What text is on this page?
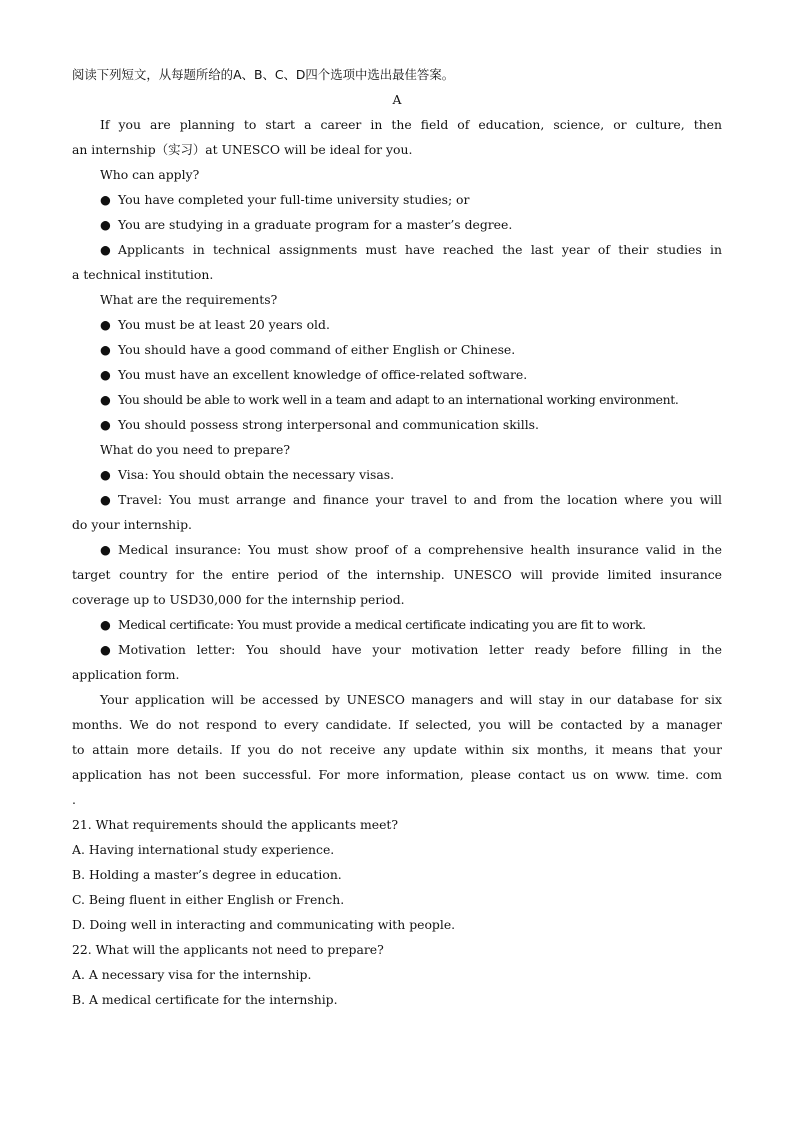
阅读下列短文，从每题所给的A、B、C、D四个选项中选出最佳答案。
A
If you are planning to start a career in the field of education, science, or culture, then
an internship（实习）at UNESCO will be ideal for you.
Who can apply?
● You have completed your full-time university studies; or
● You are studying in a graduate program for a master’s degree.
● Applicants in technical assignments must have reached the last year of their studies in
a technical institution.
What are the requirements?
● You must be at least 20 years old.
● You should have a good command of either English or Chinese.
● You must have an excellent knowledge of office-related software.
● You should be able to work well in a team and adapt to an international working environment.
● You should possess strong interpersonal and communication skills.
What do you need to prepare?
● Visa: You should obtain the necessary visas.
● Travel: You must arrange and finance your travel to and from the location where you will
do your internship.
● Medical insurance: You must show proof of a comprehensive health insurance valid in the
target country for the entire period of the internship. UNESCO will provide limited insurance
coverage up to USD30,000 for the internship period.
● Medical certificate: You must provide a medical certificate indicating you are fit to work.
● Motivation letter: You should have your motivation letter ready before filling in the
application form.
Your application will be accessed by UNESCO managers and will stay in our database for six
months. We do not respond to every candidate. If selected, you will be contacted by a manager
to attain more details. If you do not receive any update within six months, it means that your
application has not been successful. For more information, please contact us on www. time. com
.
21. What requirements should the applicants meet?
A. Having international study experience.
B. Holding a master’s degree in education.
C. Being fluent in either English or French.
D. Doing well in interacting and communicating with people.
22. What will the applicants not need to prepare?
A. A necessary visa for the internship.
B. A medical certificate for the internship.
